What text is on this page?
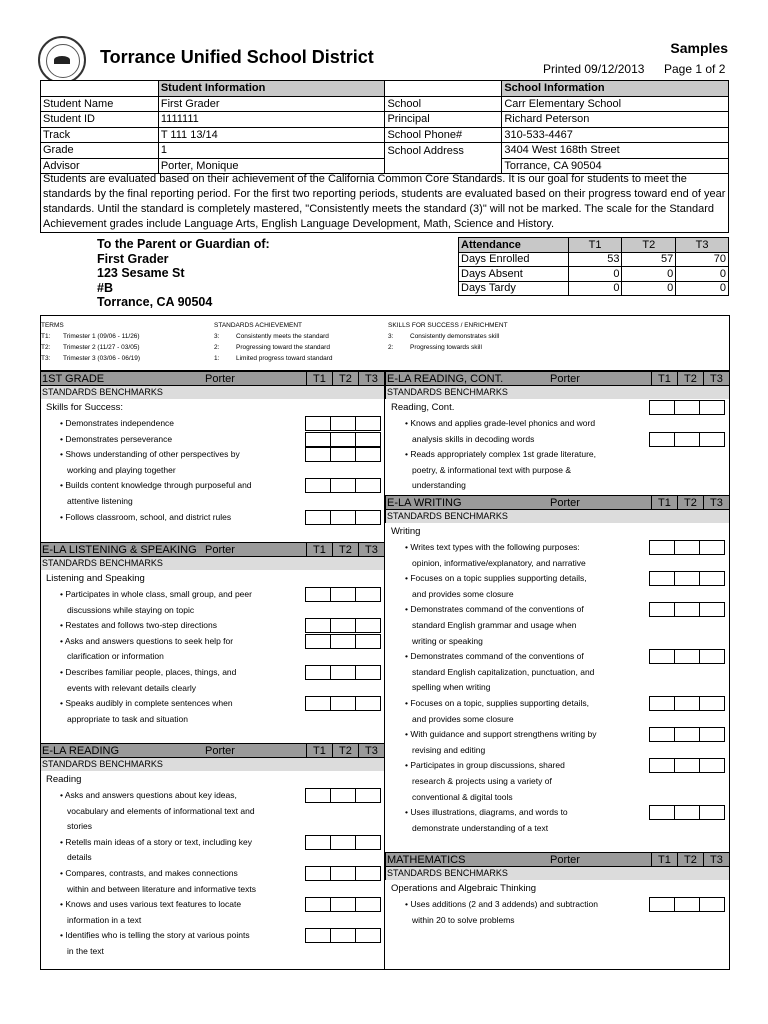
Torrance Unified School District	Samples
Printed 09/12/2013 Page 1 of 2
	Student Information		School Information
Student Name	First Grader	School	Carr Elementary School
Student ID	1111111	Principal	Richard Peterson
Track	T 111 13/14	School Phone#	310-533-4467
Grade	1	School Address	3404 West 168th Street
Advisor	Porter, Monique		Torrance, CA 90504
Students are evaluated based on their achievement of the California Common Core Standards. It is our goal for students to meet the standards by the final reporting period. For the first two reporting periods, students are evaluated based on their progress toward end of year standards. Until the standard is completely mastered, "Consistently meets the standard (3)" will not be marked. The scale for the Standard Achievement grades include Language Arts, English Language Development, Math, Science and History.
To the Parent or Guardian of:
First Grader
123 Sesame St
#B
Torrance, CA 90504
Attendance	T1	T2	T3
Days Enrolled	53	57	70
Days Absent	0	0	0
Days Tardy	0	0	0
TERMS
T1:	Trimester 1 (09/06 - 11/26)
T2:	Trimester 2 (11/27 - 03/05)
T3:	Trimester 3 (03/06 - 06/19)
STANDARDS ACHIEVEMENT
3:	Consistently meets the standard
2:	Progressing toward the standard
1:	Limited progress toward standard
SKILLS FOR SUCCESS / ENRICHMENT
3:	Consistently demonstrates skill
2:	Progressing towards skill
1ST GRADE	Porter	T1 T2 T3
STANDARDS BENCHMARKS
Skills for Success:
• Demonstrates independence
• Demonstrates perseverance
• Shows understanding of other perspectives by
working and playing together
• Builds content knowledge through purposeful and
attentive listening
• Follows classroom, school, and district rules
E-LA LISTENING & SPEAKING Porter	T1 T2 T3
STANDARDS BENCHMARKS
Listening and Speaking
• Participates in whole class, small group, and peer
discussions while staying on topic
• Restates and follows two-step directions
• Asks and answers questions to seek help for
clarification or information
• Describes familiar people, places, things, and
events with relevant details clearly
• Speaks audibly in complete sentences when
appropriate to task and situation
E-LA READING	Porter	T1 T2 T3
STANDARDS BENCHMARKS
Reading
• Asks and answers questions about key ideas,
vocabulary and elements of informational text and
stories
• Retells main ideas of a story or text, including key
details
• Compares, contrasts, and makes connections
within and between literature and informative texts
• Knows and uses various text features to locate
information in a text
• Identifies who is telling the story at various points
in the text
E-LA READING, CONT.	Porter	T1 T2 T3
STANDARDS BENCHMARKS
Reading, Cont.
• Knows and applies grade-level phonics and word
analysis skills in decoding words
• Reads appropriately complex 1st grade literature,
poetry, & informational text with purpose &
understanding
E-LA WRITING	Porter	T1 T2 T3
STANDARDS BENCHMARKS
Writing
• Writes text types with the following purposes:
opinion, informative/explanatory, and narrative
• Focuses on a topic supplies supporting details,
and provides some closure
• Demonstrates command of the conventions of
standard English grammar and usage when
writing or speaking
• Demonstrates command of the conventions of
standard English capitalization, punctuation, and
spelling when writing
• Focuses on a topic, supplies supporting details,
and provides some closure
• With guidance and support strengthens writing by
revising and editing
• Participates in group discussions, shared
research & projects using a variety of
conventional & digital tools
• Uses illustrations, diagrams, and words to
demonstrate understanding of a text
MATHEMATICS	Porter	T1 T2 T3
STANDARDS BENCHMARKS
Operations and Algebraic Thinking
• Uses additions (2 and 3 addends) and subtraction
within 20 to solve problems
